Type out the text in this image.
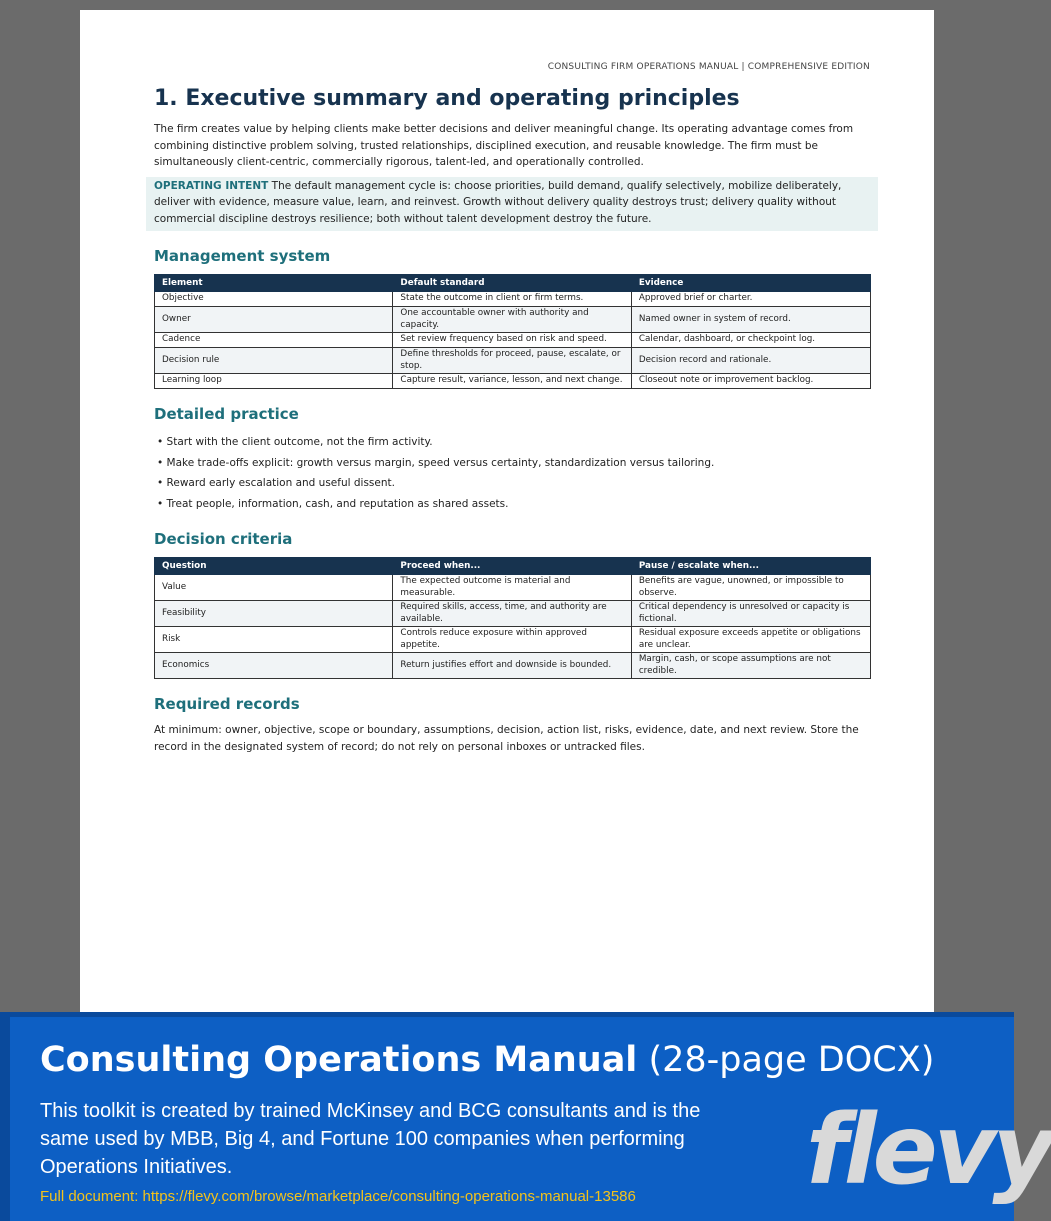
CONSULTING FIRM OPERATIONS MANUAL | COMPREHENSIVE EDITION
1. Executive summary and operating principles

The firm creates value by helping clients make better decisions and deliver meaningful change. Its operating advantage comes from combining distinctive problem solving, trusted relationships, disciplined execution, and reusable knowledge. The firm must be simultaneously client-centric, commercially rigorous, talent-led, and operationally controlled.

OPERATING INTENT The default management cycle is: choose priorities, build demand, qualify selectively, mobilize deliberately, deliver with evidence, measure value, learn, and reinvest. Growth without delivery quality destroys trust; delivery quality without commercial discipline destroys resilience; both without talent development destroy the future.
Management system
Element	Default standard	Evidence
Objective	State the outcome in client or firm terms.	Approved brief or charter.
Owner	One accountable owner with authority and capacity.	Named owner in system of record.
Cadence	Set review frequency based on risk and speed.	Calendar, dashboard, or checkpoint log.
Decision rule	Define thresholds for proceed, pause, escalate, or stop.	Decision record and rationale.
Learning loop	Capture result, variance, lesson, and next change.	Closeout note or improvement backlog.
Detailed practice
• Start with the client outcome, not the firm activity.
• Make trade-offs explicit: growth versus margin, speed versus certainty, standardization versus tailoring.
• Reward early escalation and useful dissent.
• Treat people, information, cash, and reputation as shared assets.
Decision criteria
Question	Proceed when...	Pause / escalate when...
Value	The expected outcome is material and measurable.	Benefits are vague, unowned, or impossible to observe.
Feasibility	Required skills, access, time, and authority are available.	Critical dependency is unresolved or capacity is fictional.
Risk	Controls reduce exposure within approved appetite.	Residual exposure exceeds appetite or obligations are unclear.
Economics	Return justifies effort and downside is bounded.	Margin, cash, or scope assumptions are not credible.
Required records

At minimum: owner, objective, scope or boundary, assumptions, decision, action list, risks, evidence, date, and next review. Store the record in the designated system of record; do not rely on personal inboxes or untracked files.

Consulting Operations Manual (28-page DOCX)
This toolkit is created by trained McKinsey and BCG consultants and is the same used by MBB, Big 4, and Fortune 100 companies when performing Operations Initiatives.
Full document: https://flevy.com/browse/marketplace/consulting-operations-manual-13586 flevy
